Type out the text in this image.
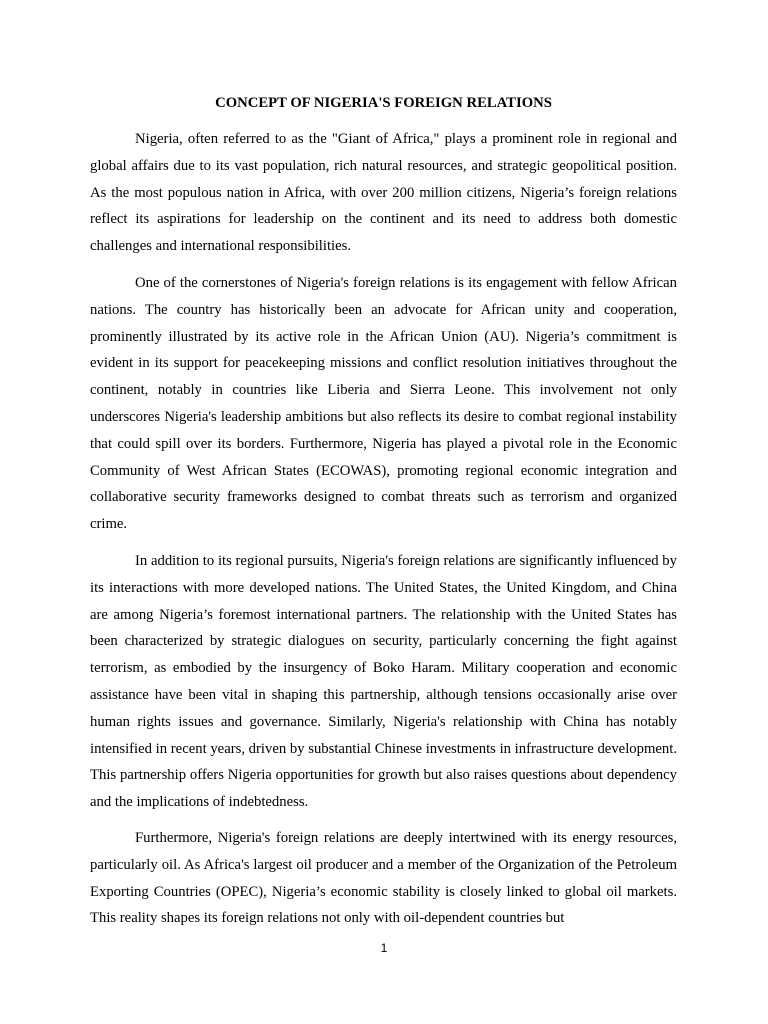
CONCEPT OF NIGERIA'S FOREIGN RELATIONS

Nigeria, often referred to as the "Giant of Africa," plays a prominent role in regional and global affairs due to its vast population, rich natural resources, and strategic geopolitical position. As the most populous nation in Africa, with over 200 million citizens, Nigeria’s foreign relations reflect its aspirations for leadership on the continent and its need to address both domestic challenges and international responsibilities.

One of the cornerstones of Nigeria's foreign relations is its engagement with fellow African nations. The country has historically been an advocate for African unity and cooperation, prominently illustrated by its active role in the African Union (AU). Nigeria’s commitment is evident in its support for peacekeeping missions and conflict resolution initiatives throughout the continent, notably in countries like Liberia and Sierra Leone. This involvement not only underscores Nigeria's leadership ambitions but also reflects its desire to combat regional instability that could spill over its borders. Furthermore, Nigeria has played a pivotal role in the Economic Community of West African States (ECOWAS), promoting regional economic integration and collaborative security frameworks designed to combat threats such as terrorism and organized crime.

In addition to its regional pursuits, Nigeria's foreign relations are significantly influenced by its interactions with more developed nations. The United States, the United Kingdom, and China are among Nigeria’s foremost international partners. The relationship with the United States has been characterized by strategic dialogues on security, particularly concerning the fight against terrorism, as embodied by the insurgency of Boko Haram. Military cooperation and economic assistance have been vital in shaping this partnership, although tensions occasionally arise over human rights issues and governance. Similarly, Nigeria's relationship with China has notably intensified in recent years, driven by substantial Chinese investments in infrastructure development. This partnership offers Nigeria opportunities for growth but also raises questions about dependency and the implications of indebtedness.

Furthermore, Nigeria's foreign relations are deeply intertwined with its energy resources, particularly oil. As Africa's largest oil producer and a member of the Organization of the Petroleum Exporting Countries (OPEC), Nigeria’s economic stability is closely linked to global oil markets. This reality shapes its foreign relations not only with oil-dependent countries but

1
